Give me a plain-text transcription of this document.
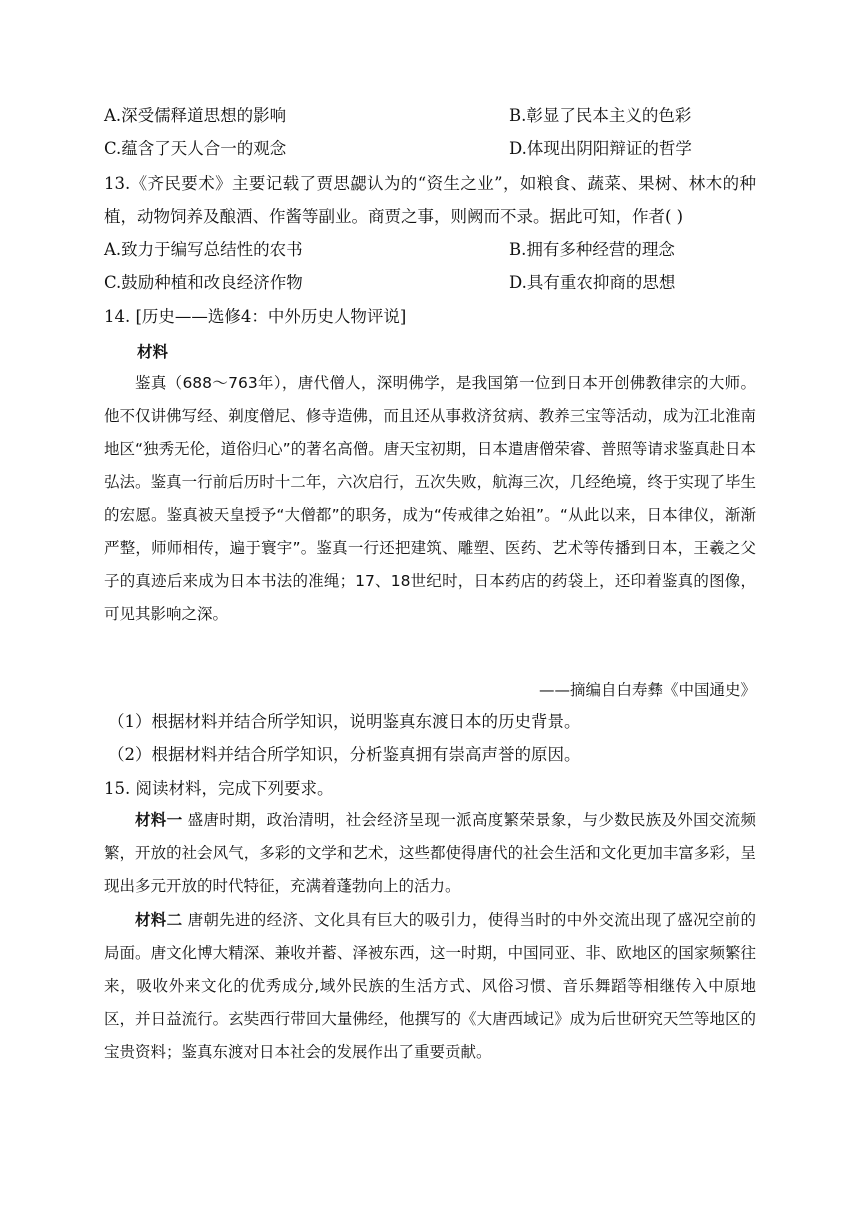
A.深受儒释道思想的影响	B.彰显了民本主义的色彩
C.蕴含了天人合一的观念	D.体现出阴阳辩证的哲学

13.《齐民要术》主要记载了贾思勰认为的“资生之业”，如粮食、蔬菜、果树、林木的种植，动物饲养及酿酒、作酱等副业。商贾之事，则阙而不录。据此可知，作者( )

A.致力于编写总结性的农书	B.拥有多种经营的理念
C.鼓励种植和改良经济作物	D.具有重农抑商的思想
14. [历史——选修4：中外历史人物评说]
材料

鉴真（688～763年），唐代僧人，深明佛学，是我国第一位到日本开创佛教律宗的大师。他不仅讲佛写经、剃度僧尼、修寺造佛，而且还从事救济贫病、教养三宝等活动，成为江北淮南地区“独秀无伦，道俗归心”的著名高僧。唐天宝初期，日本遣唐僧荣睿、普照等请求鉴真赴日本弘法。鉴真一行前后历时十二年，六次启行，五次失败，航海三次，几经绝境，终于实现了毕生的宏愿。鉴真被天皇授予“大僧都”的职务，成为“传戒律之始祖”。“从此以来，日本律仪，渐渐严整，师师相传，遍于寰宇”。鉴真一行还把建筑、雕塑、医药、艺术等传播到日本，王羲之父子的真迹后来成为日本书法的准绳；17、18世纪时，日本药店的药袋上，还印着鉴真的图像，可见其影响之深。

——摘编自白寿彝《中国通史》
（1）根据材料并结合所学知识，说明鉴真东渡日本的历史背景。
（2）根据材料并结合所学知识，分析鉴真拥有崇高声誉的原因。
15. 阅读材料，完成下列要求。

材料一 盛唐时期，政治清明，社会经济呈现一派高度繁荣景象，与少数民族及外国交流频繁，开放的社会风气，多彩的文学和艺术，这些都使得唐代的社会生活和文化更加丰富多彩，呈现出多元开放的时代特征，充满着蓬勃向上的活力。

材料二 唐朝先进的经济、文化具有巨大的吸引力，使得当时的中外交流出现了盛况空前的局面。唐文化博大精深、兼收并蓄、泽被东西，这一时期，中国同亚、非、欧地区的国家频繁往来，吸收外来文化的优秀成分,域外民族的生活方式、风俗习惯、音乐舞蹈等相继传入中原地区，并日益流行。玄奘西行带回大量佛经，他撰写的《大唐西域记》成为后世研究天竺等地区的宝贵资料；鉴真东渡对日本社会的发展作出了重要贡献。
